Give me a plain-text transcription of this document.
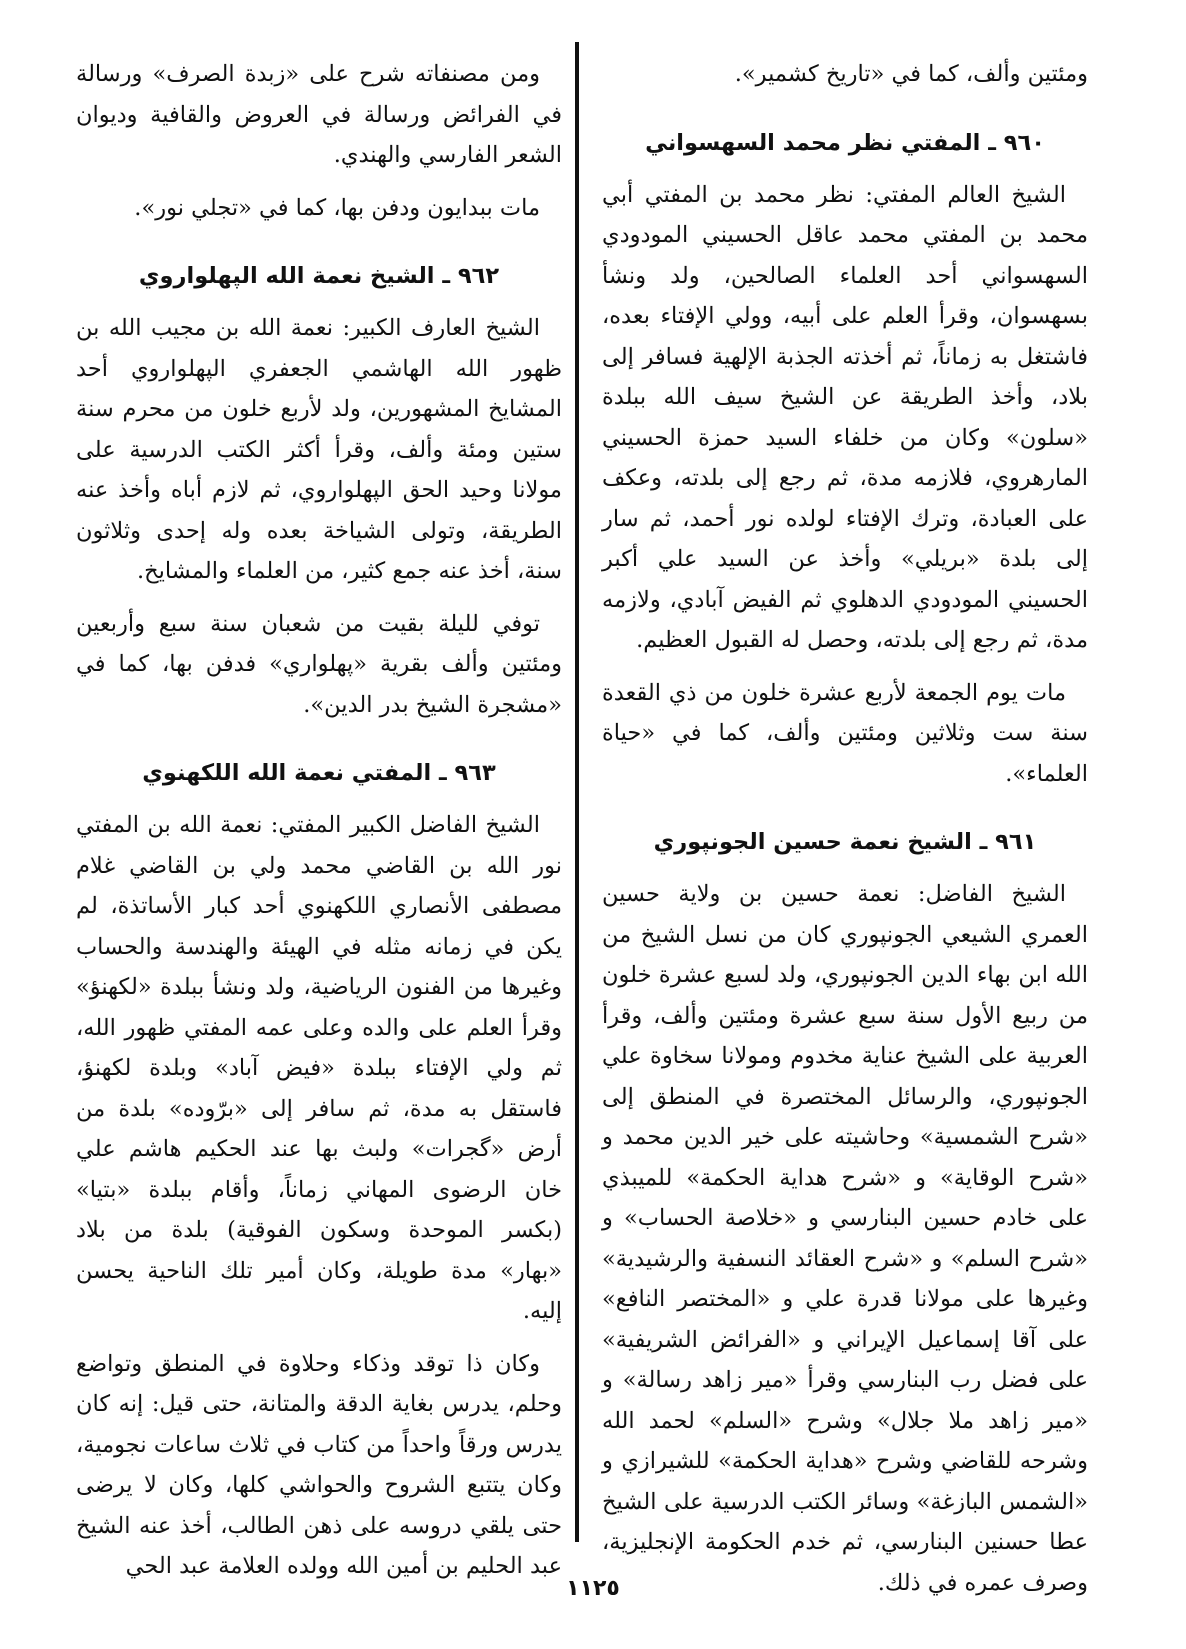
ومئتين وألف، كما في «تاريخ كشمير».

٩٦٠ ـ المفتي نظر محمد السهسواني

الشيخ العالم المفتي: نظر محمد بن المفتي أبي محمد بن المفتي محمد عاقل الحسيني المودودي السهسواني أحد العلماء الصالحين، ولد ونشأ بسهسوان، وقرأ العلم على أبيه، وولي الإفتاء بعده، فاشتغل به زماناً، ثم أخذته الجذبة الإلهية فسافر إلى بلاد، وأخذ الطريقة عن الشيخ سيف الله ببلدة «سلون» وكان من خلفاء السيد حمزة الحسيني المارهروي، فلازمه مدة، ثم رجع إلى بلدته، وعكف على العبادة، وترك الإفتاء لولده نور أحمد، ثم سار إلى بلدة «بريلي» وأخذ عن السيد علي أكبر الحسيني المودودي الدهلوي ثم الفيض آبادي، ولازمه مدة، ثم رجع إلى بلدته، وحصل له القبول العظيم.

مات يوم الجمعة لأربع عشرة خلون من ذي القعدة سنة ست وثلاثين ومئتين وألف، كما في «حياة العلماء».

٩٦١ ـ الشيخ نعمة حسين الجونپوري

الشيخ الفاضل: نعمة حسين بن ولاية حسين العمري الشيعي الجونپوري كان من نسل الشيخ من الله ابن بهاء الدين الجونپوري، ولد لسبع عشرة خلون من ربيع الأول سنة سبع عشرة ومئتين وألف، وقرأ العربية على الشيخ عناية مخدوم ومولانا سخاوة علي الجونپوري، والرسائل المختصرة في المنطق إلى «شرح الشمسية» وحاشيته على خير الدين محمد و «شرح الوقاية» و «شرح هداية الحكمة» للميبذي على خادم حسين البنارسي و «خلاصة الحساب» و «شرح السلم» و «شرح العقائد النسفية والرشيدية» وغيرها على مولانا قدرة علي و «المختصر النافع» على آقا إسماعيل الإيراني و «الفرائض الشريفية» على فضل رب البنارسي وقرأ «مير زاهد رسالة» و «مير زاهد ملا جلال» وشرح «السلم» لحمد الله وشرحه للقاضي وشرح «هداية الحكمة» للشيرازي و «الشمس البازغة» وسائر الكتب الدرسية على الشيخ عطا حسنين البنارسي، ثم خدم الحكومة الإنجليزية، وصرف عمره في ذلك.

ومن مصنفاته شرح على «زبدة الصرف» ورسالة في الفرائض ورسالة في العروض والقافية وديوان الشعر الفارسي والهندي.

مات ببدايون ودفن بها، كما في «تجلي نور».

٩٦٢ ـ الشيخ نعمة الله الپهلواروي

الشيخ العارف الكبير: نعمة الله بن مجيب الله بن ظهور الله الهاشمي الجعفري الپهلواروي أحد المشايخ المشهورين، ولد لأربع خلون من محرم سنة ستين ومئة وألف، وقرأ أكثر الكتب الدرسية على مولانا وحيد الحق الپهلواروي، ثم لازم أباه وأخذ عنه الطريقة، وتولى الشياخة بعده وله إحدى وثلاثون سنة، أخذ عنه جمع كثير، من العلماء والمشايخ.

توفي لليلة بقيت من شعبان سنة سبع وأربعين ومئتين وألف بقرية «پهلواري» فدفن بها، كما في «مشجرة الشيخ بدر الدين».

٩٦٣ ـ المفتي نعمة الله اللكهنوي

الشيخ الفاضل الكبير المفتي: نعمة الله بن المفتي نور الله بن القاضي محمد ولي بن القاضي غلام مصطفى الأنصاري اللكهنوي أحد كبار الأساتذة، لم يكن في زمانه مثله في الهيئة والهندسة والحساب وغيرها من الفنون الرياضية، ولد ونشأ ببلدة «لكهنؤ» وقرأ العلم على والده وعلى عمه المفتي ظهور الله، ثم ولي الإفتاء ببلدة «فيض آباد» وبلدة لكهنؤ، فاستقل به مدة، ثم سافر إلى «برّوده» بلدة من أرض «گجرات» ولبث بها عند الحكيم هاشم علي خان الرضوى المهاني زماناً، وأقام ببلدة «بتيا» (بكسر الموحدة وسكون الفوقية) بلدة من بلاد «بهار» مدة طويلة، وكان أمير تلك الناحية يحسن إليه.

وكان ذا توقد وذكاء وحلاوة في المنطق وتواضع وحلم، يدرس بغاية الدقة والمتانة، حتى قيل: إنه كان يدرس ورقاً واحداً من كتاب في ثلاث ساعات نجومية، وكان يتتبع الشروح والحواشي كلها، وكان لا يرضى حتى يلقي دروسه على ذهن الطالب، أخذ عنه الشيخ عبد الحليم بن أمين الله وولده العلامة عبد الحي

١١٢٥
